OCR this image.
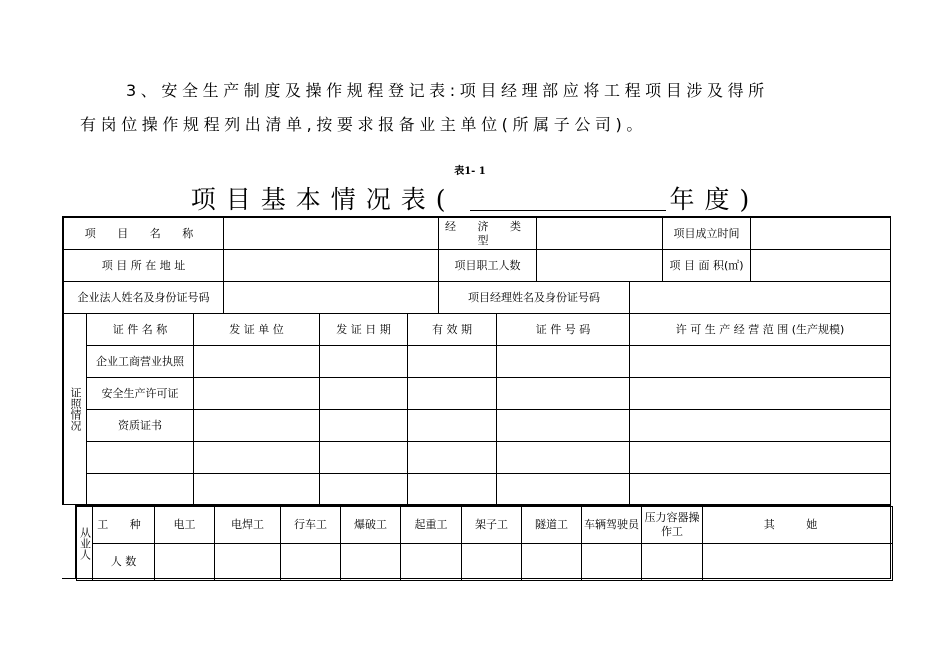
3、安全生产制度及操作规程登记表:项目经理部应将工程项目涉及得所

有岗位操作规程列出清单,按要求报备业主单位(所属子公司)。

表1- 1
项目基本情况表(	年度)
项 目 名 称						经 济 类 型				项目成立时间	
项 目 所 在 地 址						项目职工人数				项 目 面 积(㎡)	
企业法人姓名及身份证号码						项目经理姓名及身份证号码					
证照情况	证 件 名 称	发 证 单 位		发 证 日 期	有 效 期		证 件 号 码		许 可 生 产 经 营 范 围 (生产规模)		
	企业工商营业执照										
	安全生产许可证										
	资质证书										

从业人	工 种	电工	电焊工	行车工	爆破工	起重工	架子工	隧道工	车辆驾驶员	压力容器操作工	其 她
	人 数										
